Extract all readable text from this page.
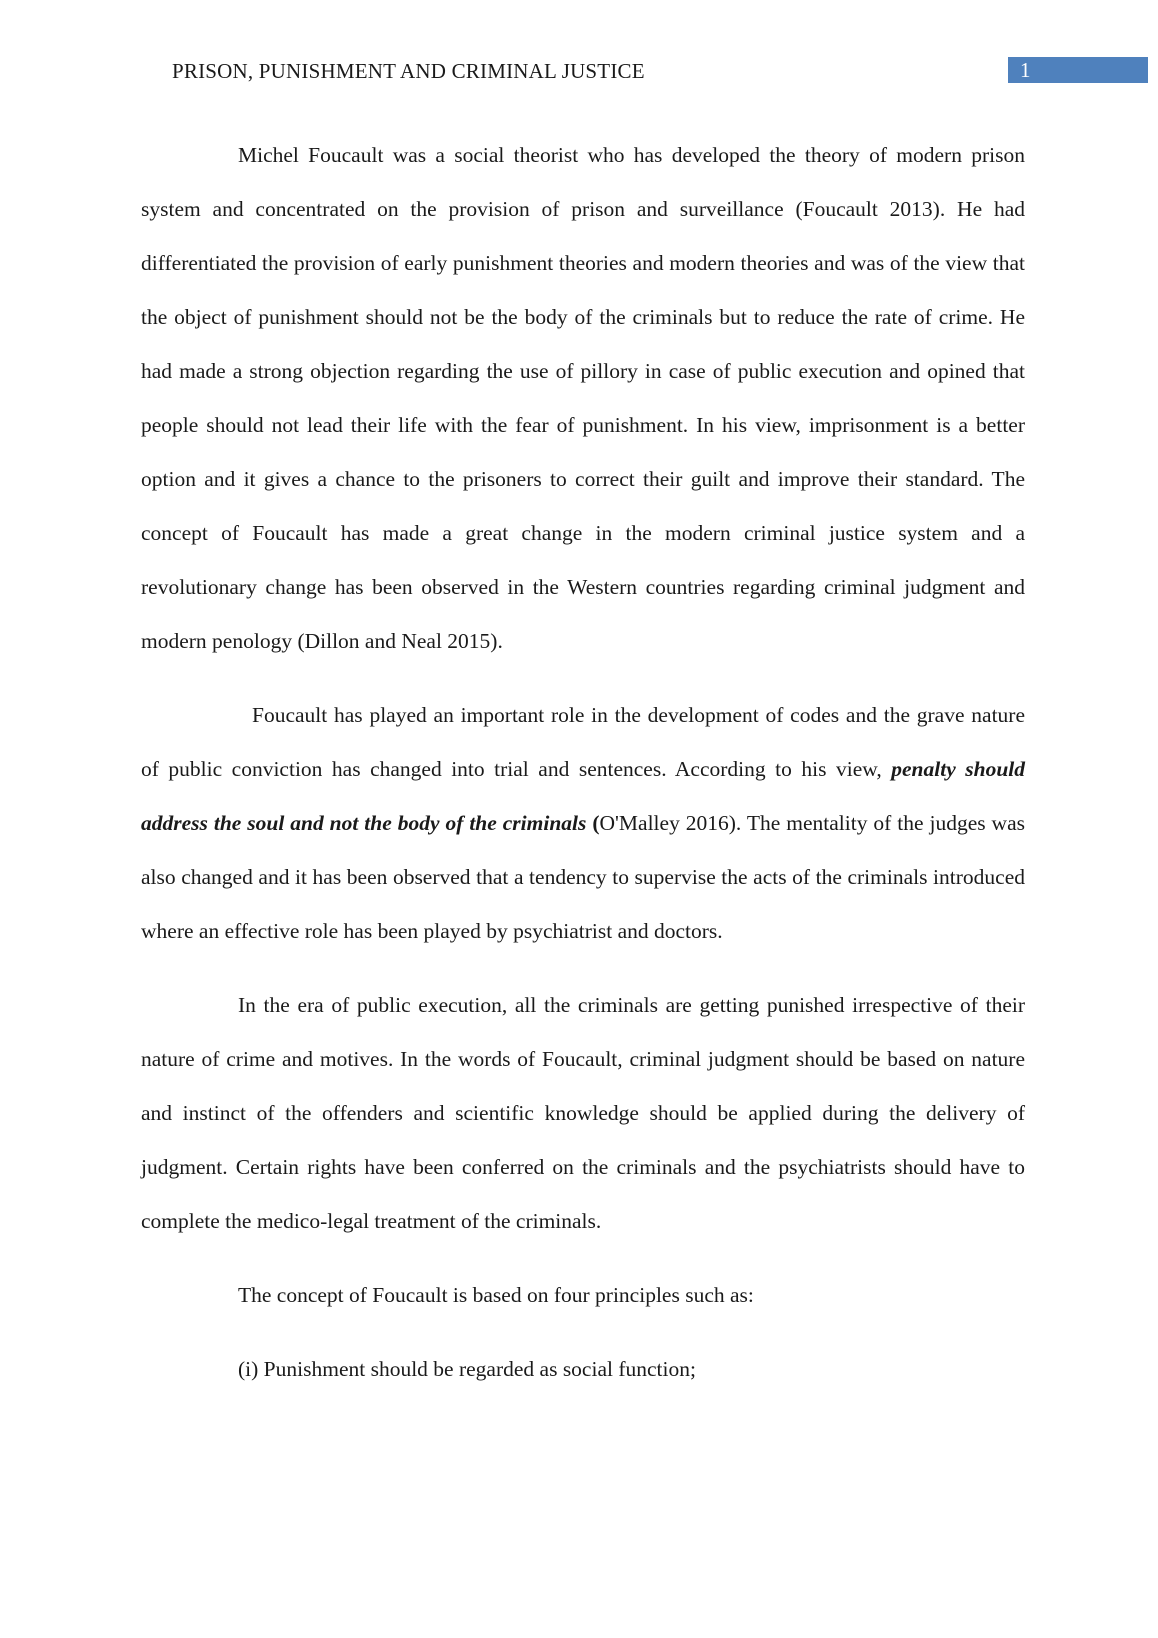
PRISON, PUNISHMENT AND CRIMINAL JUSTICE	1

Michel Foucault was a social theorist who has developed the theory of modern prison system and concentrated on the provision of prison and surveillance (Foucault 2013). He had differentiated the provision of early punishment theories and modern theories and was of the view that the object of punishment should not be the body of the criminals but to reduce the rate of crime. He had made a strong objection regarding the use of pillory in case of public execution and opined that people should not lead their life with the fear of punishment. In his view, imprisonment is a better option and it gives a chance to the prisoners to correct their guilt and improve their standard. The concept of Foucault has made a great change in the modern criminal justice system and a revolutionary change has been observed in the Western countries regarding criminal judgment and modern penology (Dillon and Neal 2015).

Foucault has played an important role in the development of codes and the grave nature of public conviction has changed into trial and sentences. According to his view, penalty should address the soul and not the body of the criminals (O'Malley 2016). The mentality of the judges was also changed and it has been observed that a tendency to supervise the acts of the criminals introduced where an effective role has been played by psychiatrist and doctors.

In the era of public execution, all the criminals are getting punished irrespective of their nature of crime and motives. In the words of Foucault, criminal judgment should be based on nature and instinct of the offenders and scientific knowledge should be applied during the delivery of judgment. Certain rights have been conferred on the criminals and the psychiatrists should have to complete the medico-legal treatment of the criminals.

The concept of Foucault is based on four principles such as:

(i) Punishment should be regarded as social function;
